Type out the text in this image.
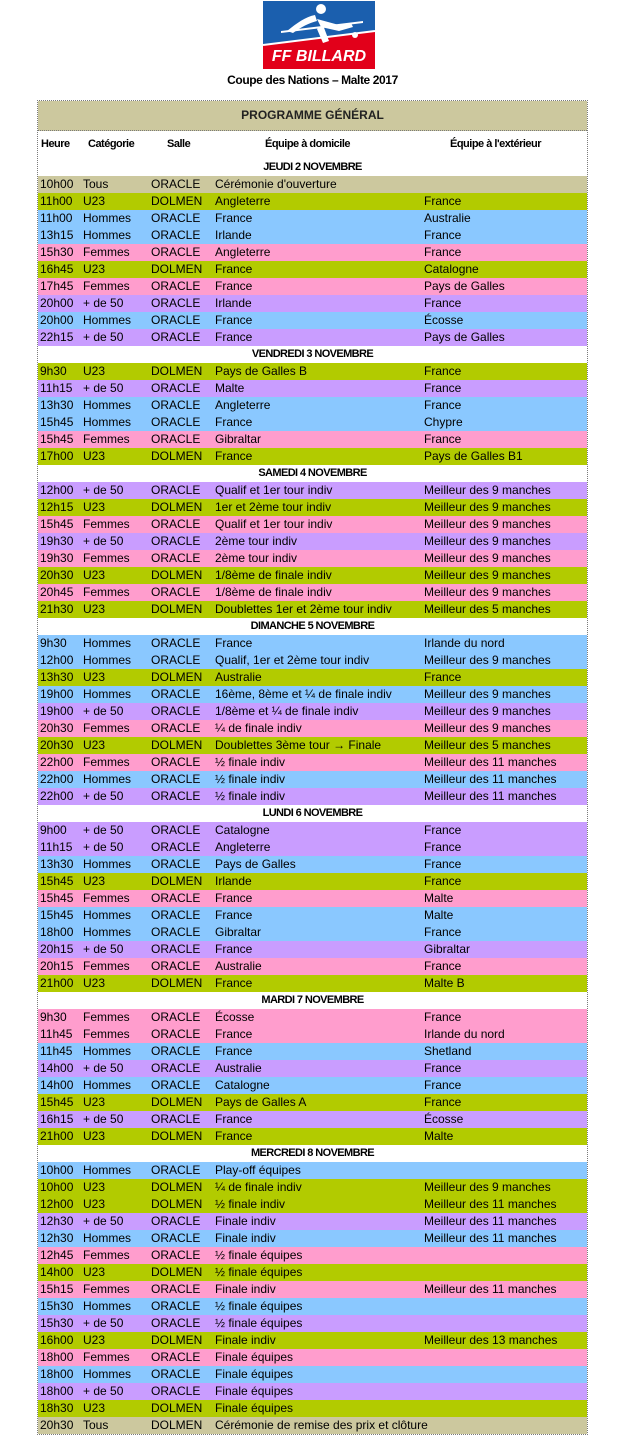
FF BILLARD
Coupe des Nations – Malte 2017
PROGRAMME GÉNÉRAL
Heure Catégorie	Salle	Équipe à domicile	Équipe à l'extérieur
JEUDI 2 NOVEMBRE
10h00 Tous	ORACLE Cérémonie d'ouverture
11h00 U23	DOLMEN Angleterre	France
11h00 Hommes ORACLE France	Australie
13h15 Hommes ORACLE Irlande	France
15h30 Femmes ORACLE Angleterre	France
16h45 U23	DOLMEN France	Catalogne
17h45 Femmes ORACLE France	Pays de Galles
20h00 + de 50 ORACLE Irlande	France
20h00 Hommes ORACLE France	Écosse
22h15 + de 50 ORACLE France	Pays de Galles
VENDREDI 3 NOVEMBRE
9h30 U23	DOLMEN Pays de Galles B	France
11h15 + de 50 ORACLE Malte	France
13h30 Hommes ORACLE Angleterre	France
15h45 Hommes ORACLE France	Chypre
15h45 Femmes ORACLE Gibraltar	France
17h00 U23	DOLMEN France	Pays de Galles B1
SAMEDI 4 NOVEMBRE
12h00 + de 50 ORACLE Qualif et 1er tour indiv	Meilleur des 9 manches
12h15 U23	DOLMEN 1er et 2ème tour indiv	Meilleur des 9 manches
15h45 Femmes ORACLE Qualif et 1er tour indiv	Meilleur des 9 manches
19h30 + de 50 ORACLE 2ème tour indiv	Meilleur des 9 manches
19h30 Femmes ORACLE 2ème tour indiv	Meilleur des 9 manches
20h30 U23	DOLMEN 1/8ème de finale indiv	Meilleur des 9 manches
20h45 Femmes ORACLE 1/8ème de finale indiv	Meilleur des 9 manches
21h30 U23	DOLMEN Doublettes 1er et 2ème tour indiv	Meilleur des 5 manches
DIMANCHE 5 NOVEMBRE
9h30 Hommes ORACLE France	Irlande du nord
12h00 Hommes ORACLE Qualif, 1er et 2ème tour indiv	Meilleur des 9 manches
13h30 U23	DOLMEN Australie	France
19h00 Hommes ORACLE 16ème, 8ème et ¼ de finale indiv	Meilleur des 9 manches
19h00 + de 50 ORACLE 1/8ème et ¼ de finale indiv	Meilleur des 9 manches
20h30 Femmes ORACLE ¼ de finale indiv	Meilleur des 9 manches
20h30 U23	DOLMEN Doublettes 3ème tour → Finale	Meilleur des 5 manches
22h00 Femmes ORACLE ½ finale indiv	Meilleur des 11 manches
22h00 Hommes ORACLE ½ finale indiv	Meilleur des 11 manches
22h00 + de 50 ORACLE ½ finale indiv	Meilleur des 11 manches
LUNDI 6 NOVEMBRE
9h00 + de 50 ORACLE Catalogne	France
11h15 + de 50 ORACLE Angleterre	France
13h30 Hommes ORACLE Pays de Galles	France
15h45 U23	DOLMEN Irlande	France
15h45 Femmes ORACLE France	Malte
15h45 Hommes ORACLE France	Malte
18h00 Hommes ORACLE Gibraltar	France
20h15 + de 50 ORACLE France	Gibraltar
20h15 Femmes ORACLE Australie	France
21h00 U23	DOLMEN France	Malte B
MARDI 7 NOVEMBRE
9h30 Femmes ORACLE Écosse	France
11h45 Femmes ORACLE France	Irlande du nord
11h45 Hommes ORACLE France	Shetland
14h00 + de 50 ORACLE Australie	France
14h00 Hommes ORACLE Catalogne	France
15h45 U23	DOLMEN Pays de Galles A	France
16h15 + de 50 ORACLE France	Écosse
21h00 U23	DOLMEN France	Malte
MERCREDI 8 NOVEMBRE
10h00 Hommes ORACLE Play-off équipes
10h00 U23	DOLMEN ¼ de finale indiv	Meilleur des 9 manches
12h00 U23	DOLMEN ½ finale indiv	Meilleur des 11 manches
12h30 + de 50 ORACLE Finale indiv	Meilleur des 11 manches
12h30 Hommes ORACLE Finale indiv	Meilleur des 11 manches
12h45 Femmes ORACLE ½ finale équipes
14h00 U23	DOLMEN ½ finale équipes
15h15 Femmes ORACLE Finale indiv	Meilleur des 11 manches
15h30 Hommes ORACLE ½ finale équipes
15h30 + de 50 ORACLE ½ finale équipes
16h00 U23	DOLMEN Finale indiv	Meilleur des 13 manches
18h00 Femmes ORACLE Finale équipes
18h00 Hommes ORACLE Finale équipes
18h00 + de 50 ORACLE Finale équipes
18h30 U23	DOLMEN Finale équipes
20h30 Tous	DOLMEN Cérémonie de remise des prix et clôture
